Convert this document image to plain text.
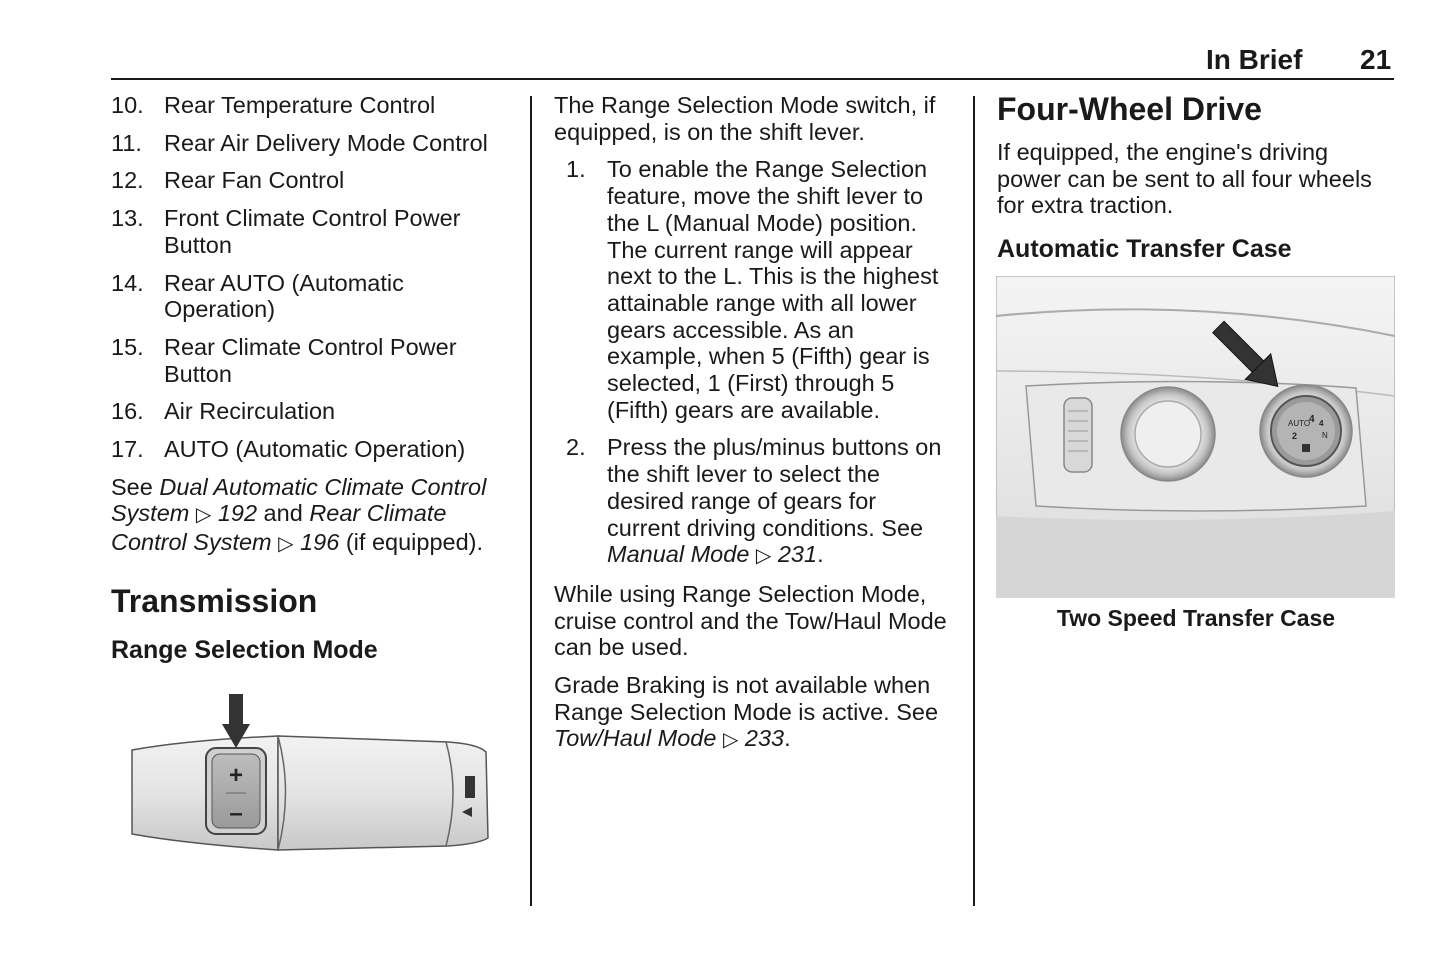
In Brief 21
10. Rear Temperature Control
11. Rear Air Delivery Mode Control
12. Rear Fan Control
13. Front Climate Control Power Button
14. Rear AUTO (Automatic Operation)
15. Rear Climate Control Power Button
16. Air Recirculation
17. AUTO (Automatic Operation)

See Dual Automatic Climate Control System ▷ 192 and Rear Climate Control System ▷ 196 (if equipped).

Transmission
Range Selection Mode
+
–

The Range Selection Mode switch, if equipped, is on the shift lever.

1. To enable the Range Selection feature, move the shift lever to the L (Manual Mode) position. The current range will appear next to the L. This is the highest attainable range with all lower gears accessible. As an example, when 5 (Fifth) gear is selected, 1 (First) through 5 (Fifth) gears are available.
2. Press the plus/minus buttons on the shift lever to select the desired range of gears for current driving conditions. See Manual Mode ▷ 231.

While using Range Selection Mode, cruise control and the Tow/Haul Mode can be used.

Grade Braking is not available when Range Selection Mode is active. See Tow/Haul Mode ▷ 233.

Four-Wheel Drive

If equipped, the engine's driving power can be sent to all four wheels for extra traction.

Automatic Transfer Case
AUTO
2
4 4
N
Two Speed Transfer Case
